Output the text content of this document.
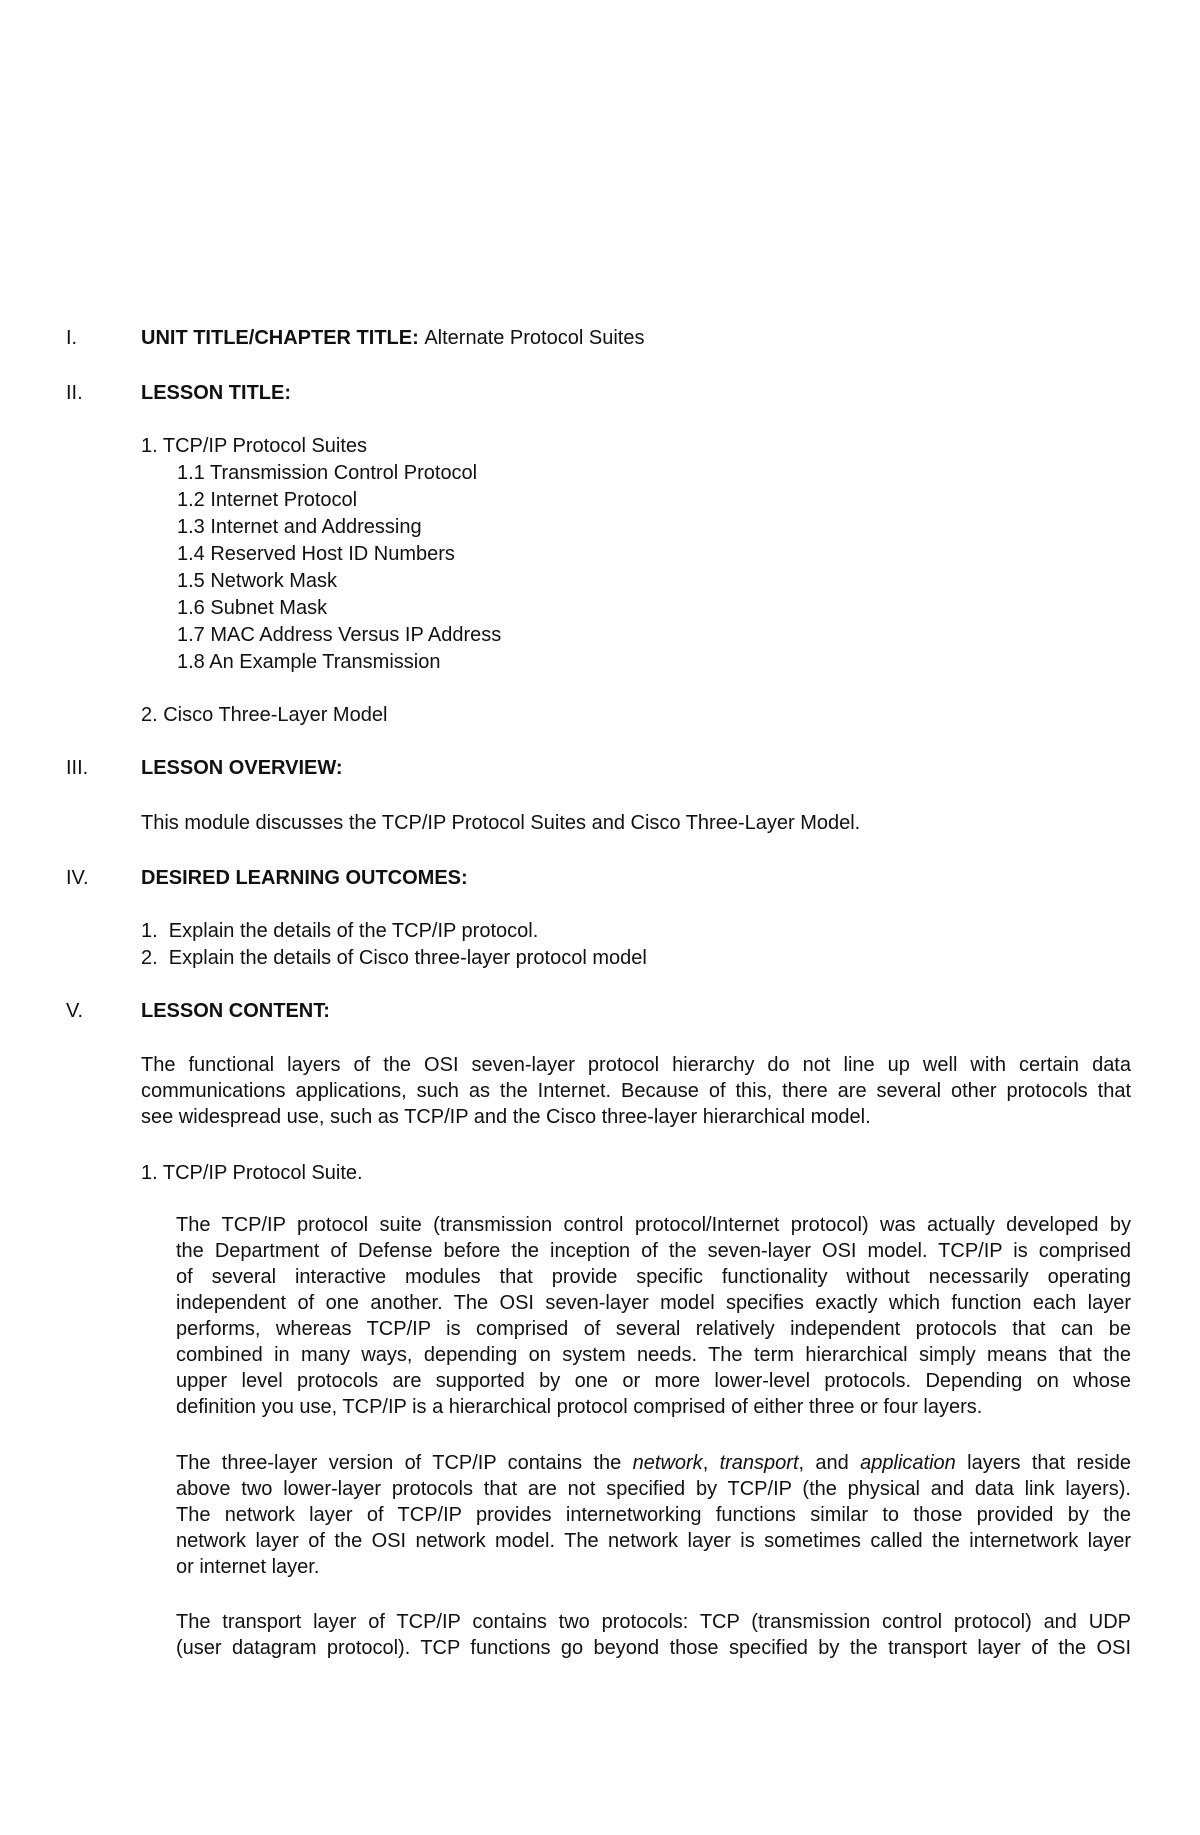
I.	UNIT TITLE/CHAPTER TITLE: Alternate Protocol Suites
II.	LESSON TITLE:
1. TCP/IP Protocol Suites
1.1 Transmission Control Protocol
1.2 Internet Protocol
1.3 Internet and Addressing
1.4 Reserved Host ID Numbers
1.5 Network Mask
1.6 Subnet Mask
1.7 MAC Address Versus IP Address
1.8 An Example Transmission
2. Cisco Three-Layer Model
III.	LESSON OVERVIEW:
This module discusses the TCP/IP Protocol Suites and Cisco Three-Layer Model.
IV.	DESIRED LEARNING OUTCOMES:
1.  Explain the details of the TCP/IP protocol.
2.  Explain the details of Cisco three-layer protocol model
V.	LESSON CONTENT:
The functional layers of the OSI seven-layer protocol hierarchy do not line up well with certain data
communications applications, such as the Internet. Because of this, there are several other protocols that
see widespread use, such as TCP/IP and the Cisco three-layer hierarchical model.
1. TCP/IP Protocol Suite.
The TCP/IP protocol suite (transmission control protocol/Internet protocol) was actually developed by
the Department of Defense before the inception of the seven-layer OSI model. TCP/IP is comprised
of several interactive modules that provide specific functionality without necessarily operating
independent of one another. The OSI seven-layer model specifies exactly which function each layer
performs, whereas TCP/IP is comprised of several relatively independent protocols that can be
combined in many ways, depending on system needs. The term hierarchical simply means that the
upper level protocols are supported by one or more lower-level protocols. Depending on whose
definition you use, TCP/IP is a hierarchical protocol comprised of either three or four layers.
The three-layer version of TCP/IP contains the network, transport, and application layers that reside
above two lower-layer protocols that are not specified by TCP/IP (the physical and data link layers).
The network layer of TCP/IP provides internetworking functions similar to those provided by the
network layer of the OSI network model. The network layer is sometimes called the internetwork layer
or internet layer.
The transport layer of TCP/IP contains two protocols: TCP (transmission control protocol) and UDP
(user datagram protocol). TCP functions go beyond those specified by the transport layer of the OSI
